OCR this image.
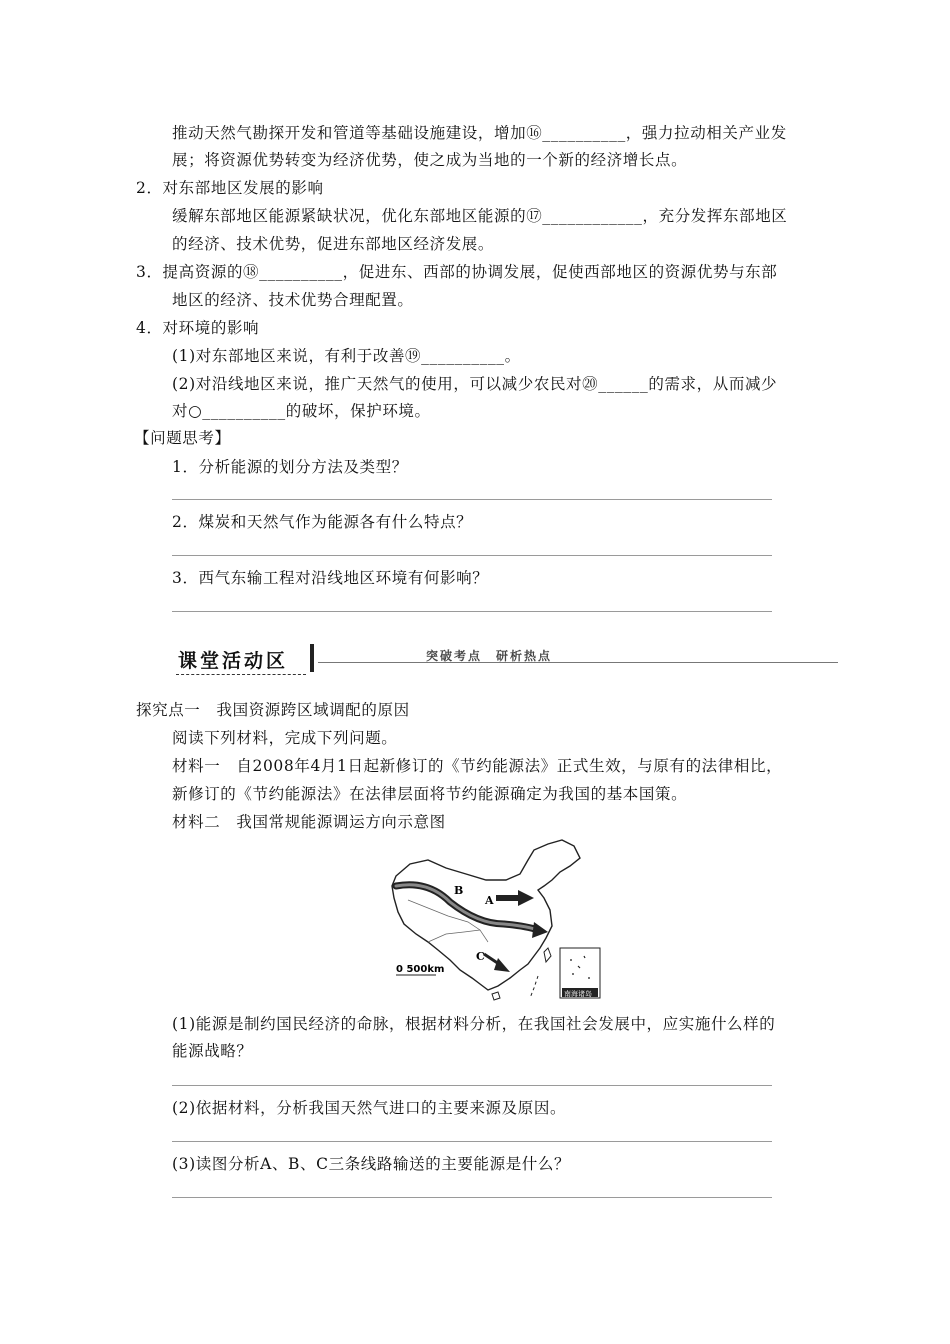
推动天然气勘探开发和管道等基础设施建设，增加⑯__________，强力拉动相关产业发
展；将资源优势转变为经济优势，使之成为当地的一个新的经济增长点。
2．对东部地区发展的影响
缓解东部地区能源紧缺状况，优化东部地区能源的⑰____________，充分发挥东部地区
的经济、技术优势，促进东部地区经济发展。
3．提高资源的⑱__________，促进东、西部的协调发展，促使西部地区的资源优势与东部
地区的经济、技术优势合理配置。
4．对环境的影响
(1)对东部地区来说，有利于改善⑲__________。
(2)对沿线地区来说，推广天然气的使用，可以减少农民对⑳______的需求，从而减少
对○__________的破坏，保护环境。
【问题思考】
1．分析能源的划分方法及类型？
2．煤炭和天然气作为能源各有什么特点？
3．西气东输工程对沿线地区环境有何影响？
课堂活动区	突破考点　研析热点
探究点一　我国资源跨区域调配的原因
阅读下列材料，完成下列问题。
材料一　自2008年4月1日起新修订的《节约能源法》正式生效，与原有的法律相比，
新修订的《节约能源法》在法律层面将节约能源确定为我国的基本国策。
材料二　我国常规能源调运方向示意图
A
B
C
0 500km
南海诸岛
(1)能源是制约国民经济的命脉，根据材料分析，在我国社会发展中，应实施什么样的
能源战略？
(2)依据材料，分析我国天然气进口的主要来源及原因。
(3)读图分析A、B、C三条线路输送的主要能源是什么？
